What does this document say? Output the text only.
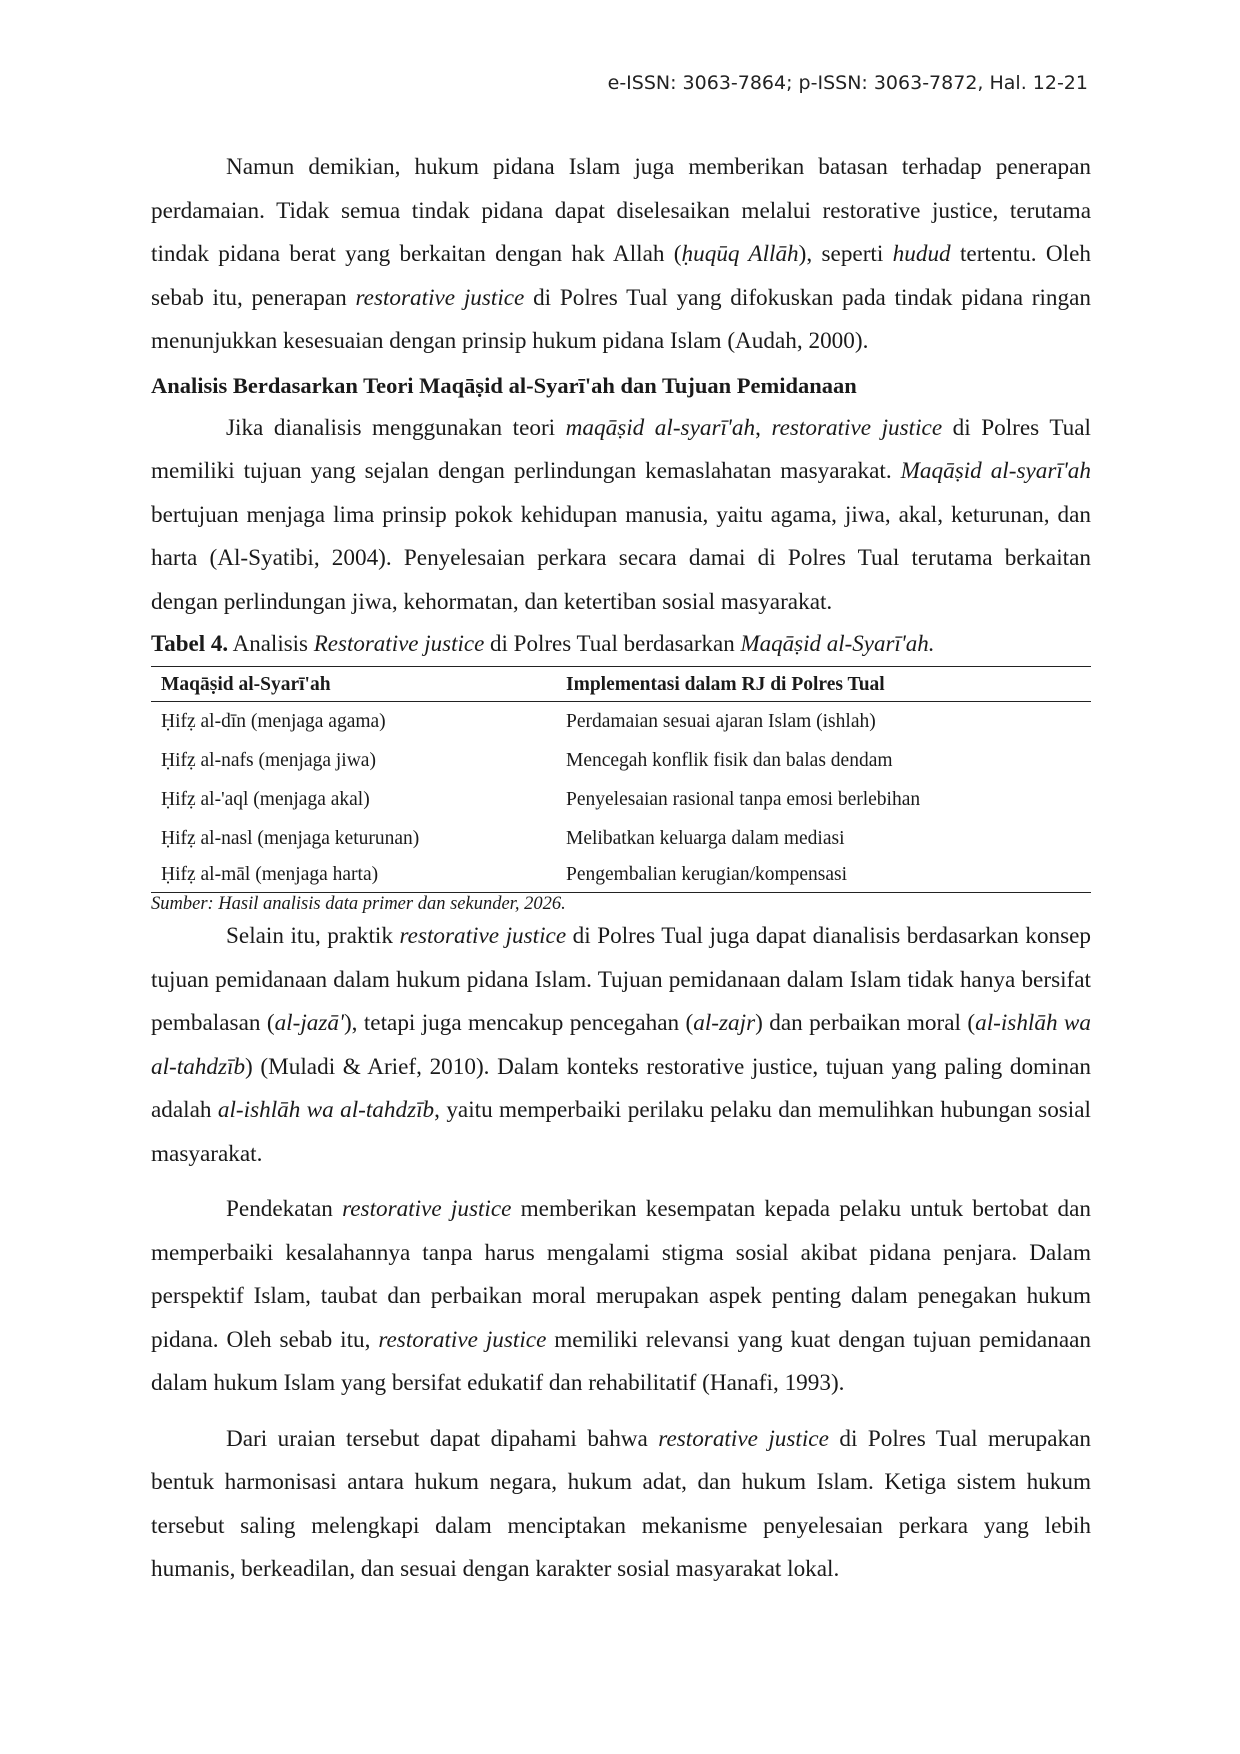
e-ISSN: 3063-7864; p-ISSN: 3063-7872, Hal. 12-21

Namun demikian, hukum pidana Islam juga memberikan batasan terhadap penerapan perdamaian. Tidak semua tindak pidana dapat diselesaikan melalui restorative justice, terutama tindak pidana berat yang berkaitan dengan hak Allah (ḥuqūq Allāh), seperti hudud tertentu. Oleh sebab itu, penerapan restorative justice di Polres Tual yang difokuskan pada tindak pidana ringan menunjukkan kesesuaian dengan prinsip hukum pidana Islam (Audah, 2000).

Analisis Berdasarkan Teori Maqāṣid al-Syarī'ah dan Tujuan Pemidanaan

Jika dianalisis menggunakan teori maqāṣid al-syarī'ah, restorative justice di Polres Tual memiliki tujuan yang sejalan dengan perlindungan kemaslahatan masyarakat. Maqāṣid al-syarī'ah bertujuan menjaga lima prinsip pokok kehidupan manusia, yaitu agama, jiwa, akal, keturunan, dan harta (Al-Syatibi, 2004). Penyelesaian perkara secara damai di Polres Tual terutama berkaitan dengan perlindungan jiwa, kehormatan, dan ketertiban sosial masyarakat.

Tabel 4. Analisis Restorative justice di Polres Tual berdasarkan Maqāṣid al-Syarī'ah.

Maqāṣid al-Syarī'ah	Implementasi dalam RJ di Polres Tual
Ḥifẓ al-dīn (menjaga agama)	Perdamaian sesuai ajaran Islam (ishlah)
Ḥifẓ al-nafs (menjaga jiwa)	Mencegah konflik fisik dan balas dendam
Ḥifẓ al-'aql (menjaga akal)	Penyelesaian rasional tanpa emosi berlebihan
Ḥifẓ al-nasl (menjaga keturunan)	Melibatkan keluarga dalam mediasi
Ḥifẓ al-māl (menjaga harta)	Pengembalian kerugian/kompensasi

Sumber: Hasil analisis data primer dan sekunder, 2026.

Selain itu, praktik restorative justice di Polres Tual juga dapat dianalisis berdasarkan konsep tujuan pemidanaan dalam hukum pidana Islam. Tujuan pemidanaan dalam Islam tidak hanya bersifat pembalasan (al-jazā'), tetapi juga mencakup pencegahan (al-zajr) dan perbaikan moral (al-ishlāh wa al-tahdzīb) (Muladi & Arief, 2010). Dalam konteks restorative justice, tujuan yang paling dominan adalah al-ishlāh wa al-tahdzīb, yaitu memperbaiki perilaku pelaku dan memulihkan hubungan sosial masyarakat.

Pendekatan restorative justice memberikan kesempatan kepada pelaku untuk bertobat dan memperbaiki kesalahannya tanpa harus mengalami stigma sosial akibat pidana penjara. Dalam perspektif Islam, taubat dan perbaikan moral merupakan aspek penting dalam penegakan hukum pidana. Oleh sebab itu, restorative justice memiliki relevansi yang kuat dengan tujuan pemidanaan dalam hukum Islam yang bersifat edukatif dan rehabilitatif (Hanafi, 1993).

Dari uraian tersebut dapat dipahami bahwa restorative justice di Polres Tual merupakan bentuk harmonisasi antara hukum negara, hukum adat, dan hukum Islam. Ketiga sistem hukum tersebut saling melengkapi dalam menciptakan mekanisme penyelesaian perkara yang lebih humanis, berkeadilan, dan sesuai dengan karakter sosial masyarakat lokal.
